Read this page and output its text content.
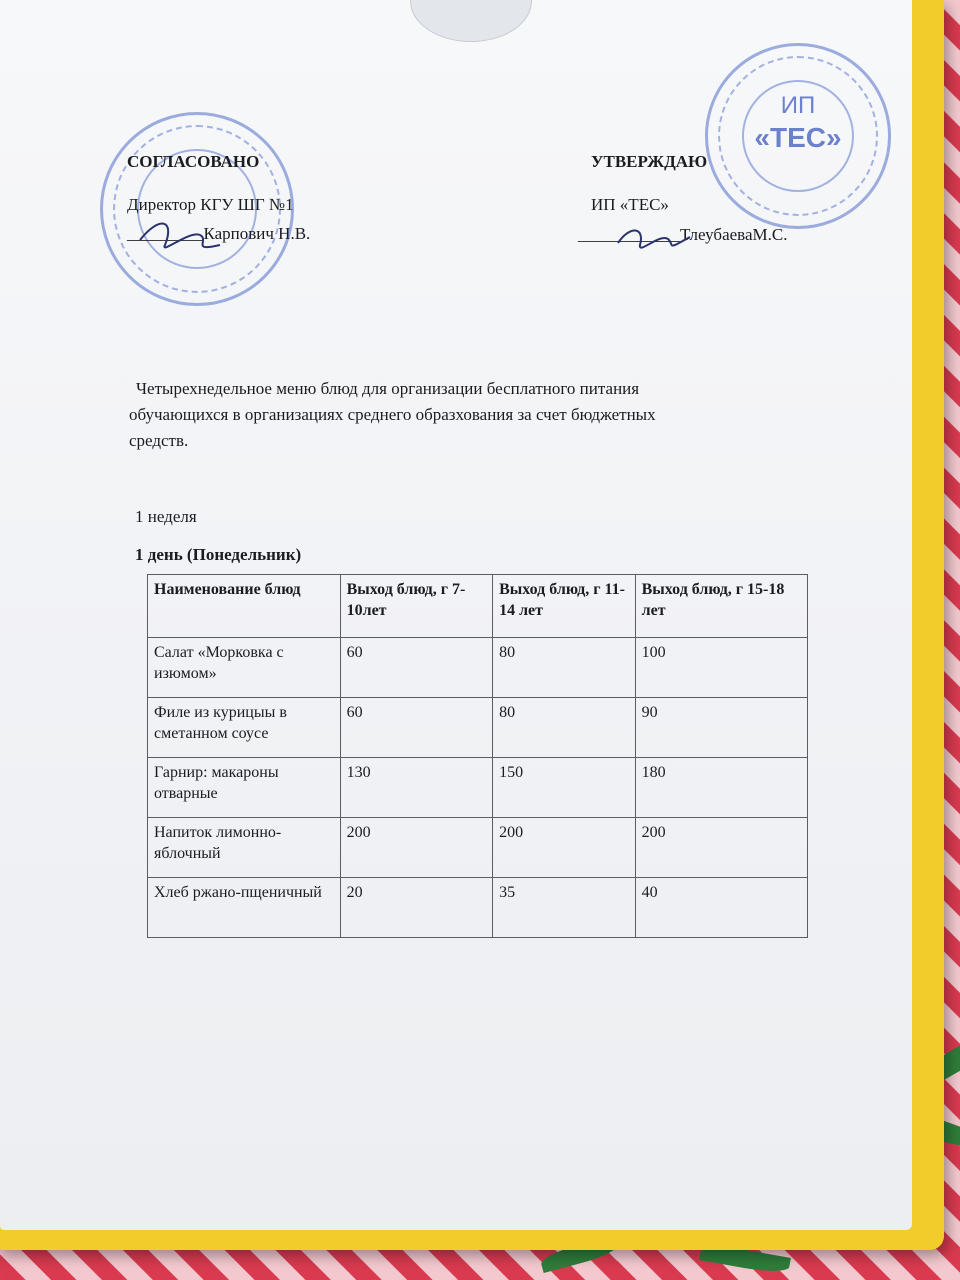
ИП
«ТЕС»
СОГЛАСОВАНО
Директор КГУ ШГ №1
_________Карпович Н.В.
УТВЕРЖДАЮ
ИП «ТЕС»
____________ТлеубаеваМ.С.
Четырехнедельное меню блюд для организации бесплатного питания
обучающихся в организациях среднего образхования за счет бюджетных
средств.
1 неделя
1 день (Понедельник)
Наименование блюд	Выход блюд, г 7-10лет	Выход блюд, г 11-14 лет	Выход блюд, г 15-18 лет
Салат «Морковка с изюмом»	60	80	100
Филе из курицыы в сметанном соусе	60	80	90
Гарнир: макароны отварные	130	150	180
Напиток лимонно-яблочный	200	200	200
Хлеб ржано-пщеничный	20	35	40
